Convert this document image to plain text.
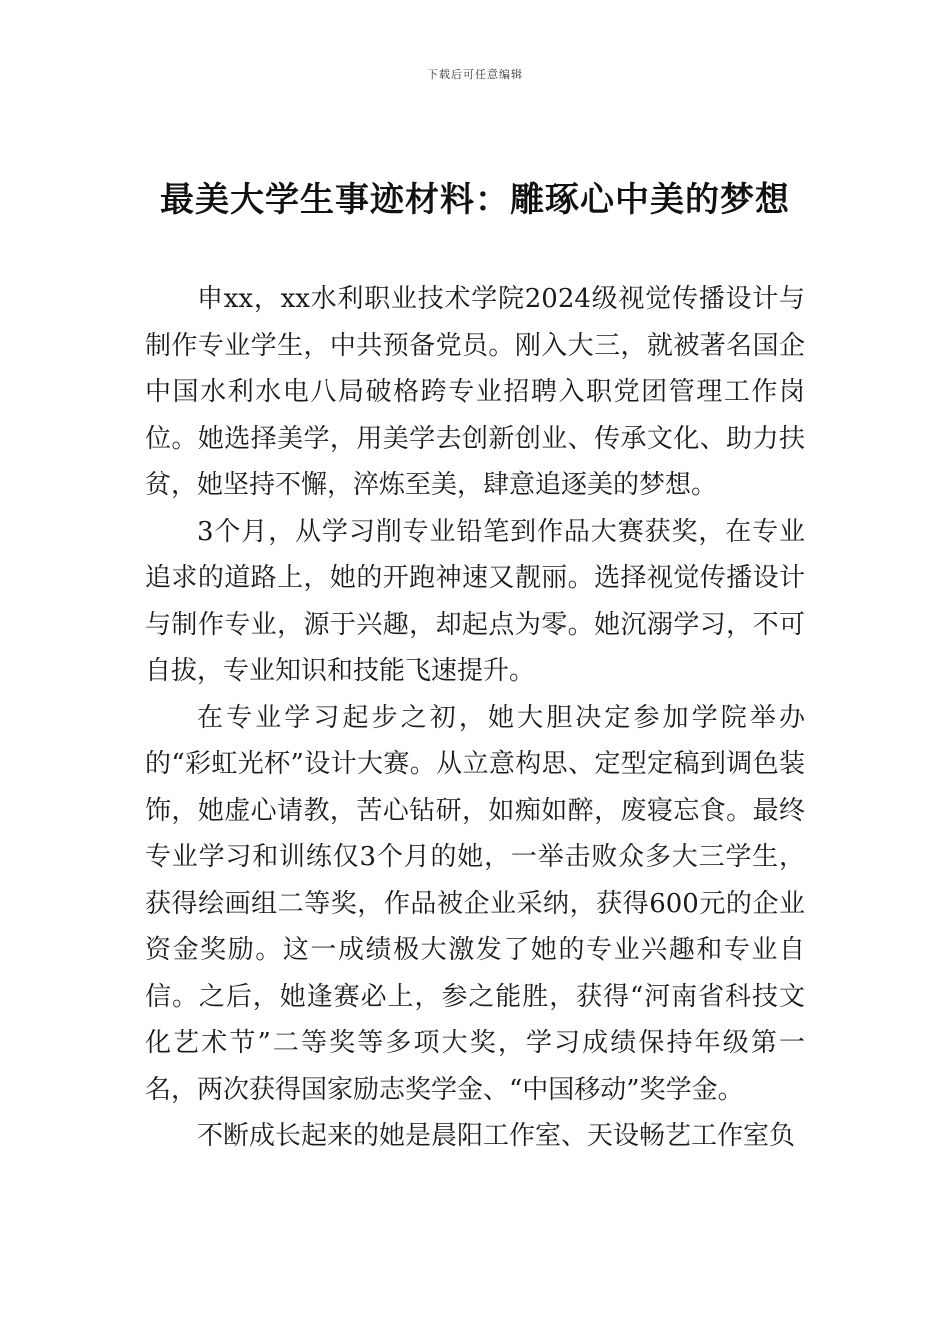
下载后可任意编辑
最美大学生事迹材料：雕琢心中美的梦想

申xx，xx水利职业技术学院2024级视觉传播设计与制作专业学生，中共预备党员。刚入大三，就被著名国企中国水利水电八局破格跨专业招聘入职党团管理工作岗位。她选择美学，用美学去创新创业、传承文化、助力扶贫，她坚持不懈，淬炼至美，肆意追逐美的梦想。

3个月，从学习削专业铅笔到作品大赛获奖，在专业追求的道路上，她的开跑神速又靓丽。选择视觉传播设计与制作专业，源于兴趣，却起点为零。她沉溺学习，不可自拔，专业知识和技能飞速提升。

在专业学习起步之初，她大胆决定参加学院举办的“彩虹光杯”设计大赛。从立意构思、定型定稿到调色装饰，她虚心请教，苦心钻研，如痴如醉，废寝忘食。最终专业学习和训练仅3个月的她，一举击败众多大三学生，获得绘画组二等奖，作品被企业采纳，获得600元的企业资金奖励。这一成绩极大激发了她的专业兴趣和专业自信。之后，她逢赛必上，参之能胜，获得“河南省科技文化艺术节”二等奖等多项大奖，学习成绩保持年级第一名，两次获得国家励志奖学金、“中国移动”奖学金。

不断成长起来的她是晨阳工作室、天设畅艺工作室负
